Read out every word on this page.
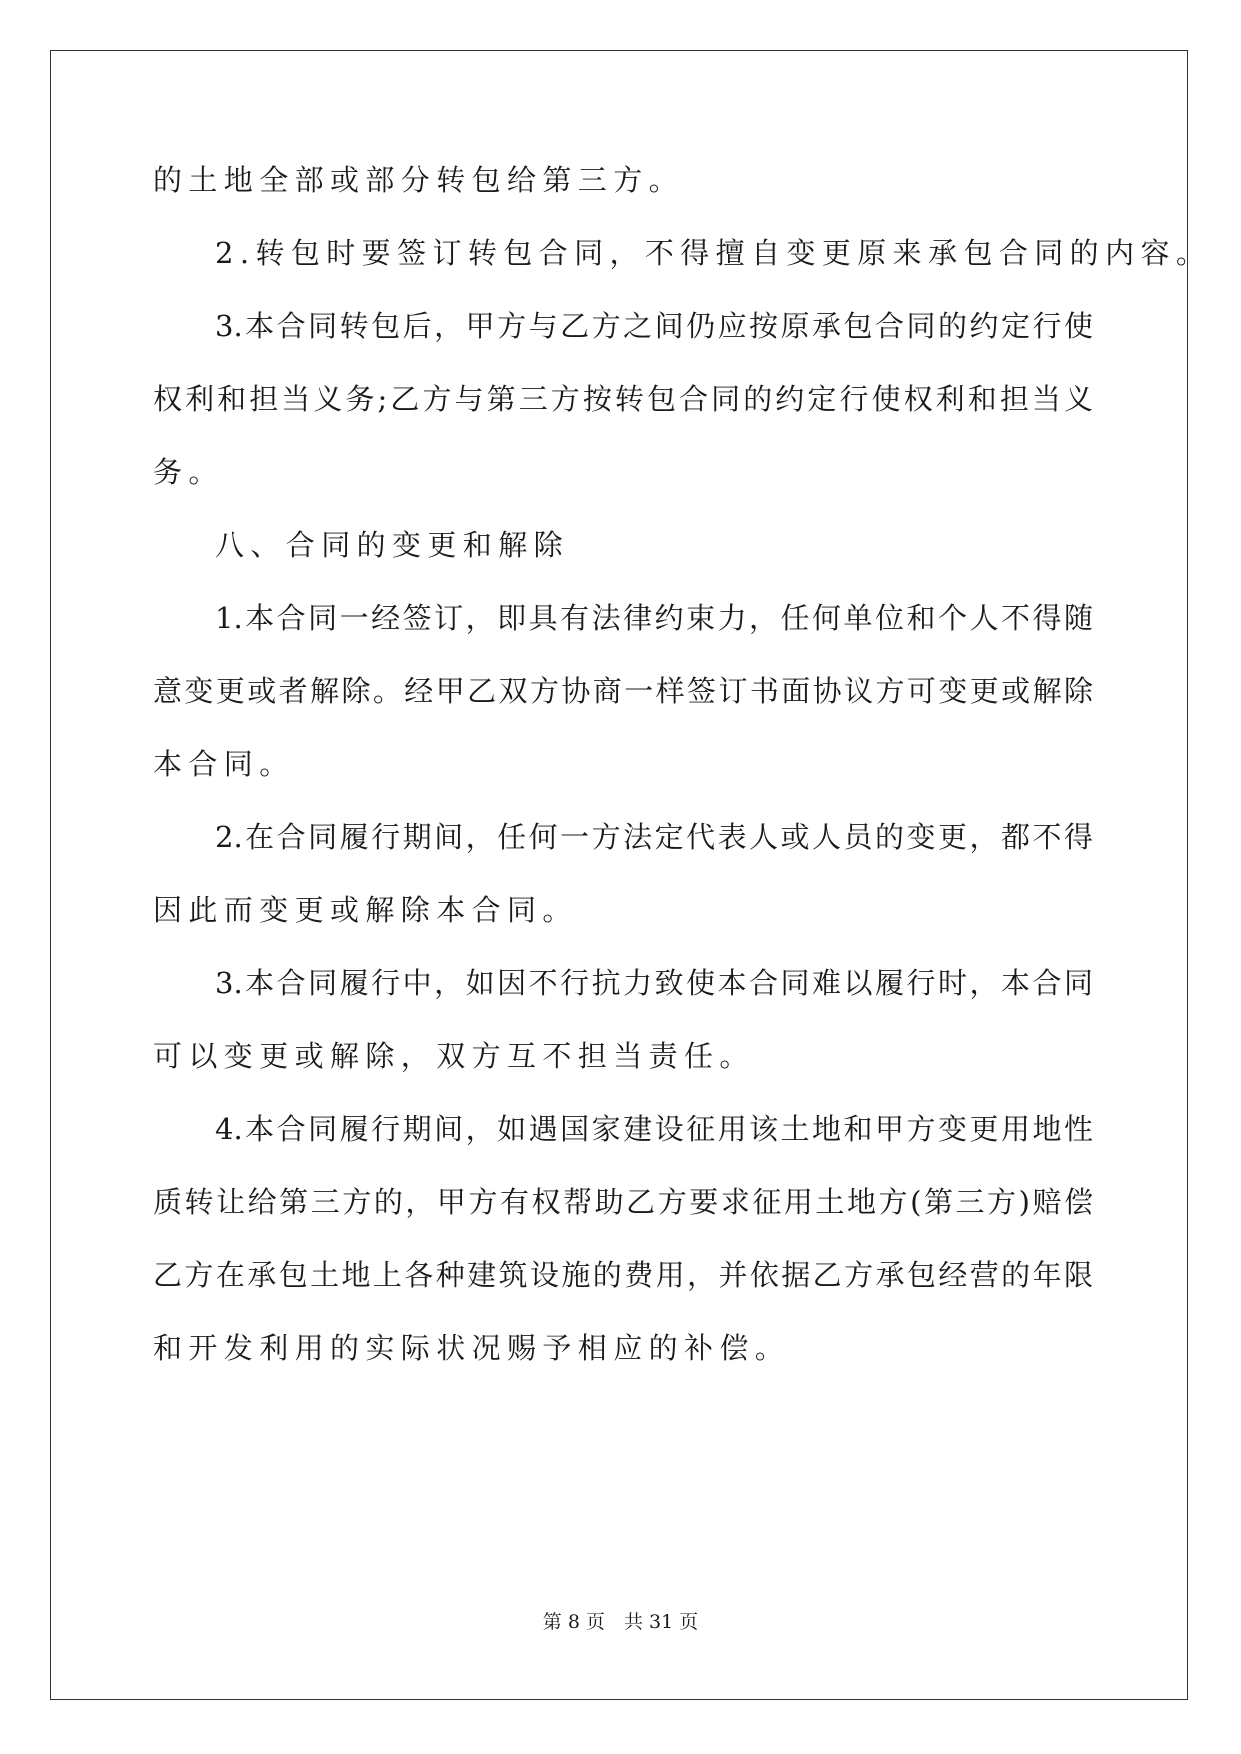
的土地全部或部分转包给第三方。
2.转包时要签订转包合同，不得擅自变更原来承包合同的内容。
3.本合同转包后，甲方与乙方之间仍应按原承包合同的约定行使
权利和担当义务;乙方与第三方按转包合同的约定行使权利和担当义
务。
八、合同的变更和解除
1.本合同一经签订，即具有法律约束力，任何单位和个人不得随
意变更或者解除。经甲乙双方协商一样签订书面协议方可变更或解除
本合同。
2.在合同履行期间，任何一方法定代表人或人员的变更，都不得
因此而变更或解除本合同。
3.本合同履行中，如因不行抗力致使本合同难以履行时，本合同
可以变更或解除，双方互不担当责任。
4.本合同履行期间，如遇国家建设征用该土地和甲方变更用地性
质转让给第三方的，甲方有权帮助乙方要求征用土地方(第三方)赔偿
乙方在承包土地上各种建筑设施的费用，并依据乙方承包经营的年限
和开发利用的实际状况赐予相应的补偿。
第 8 页　共 31 页
